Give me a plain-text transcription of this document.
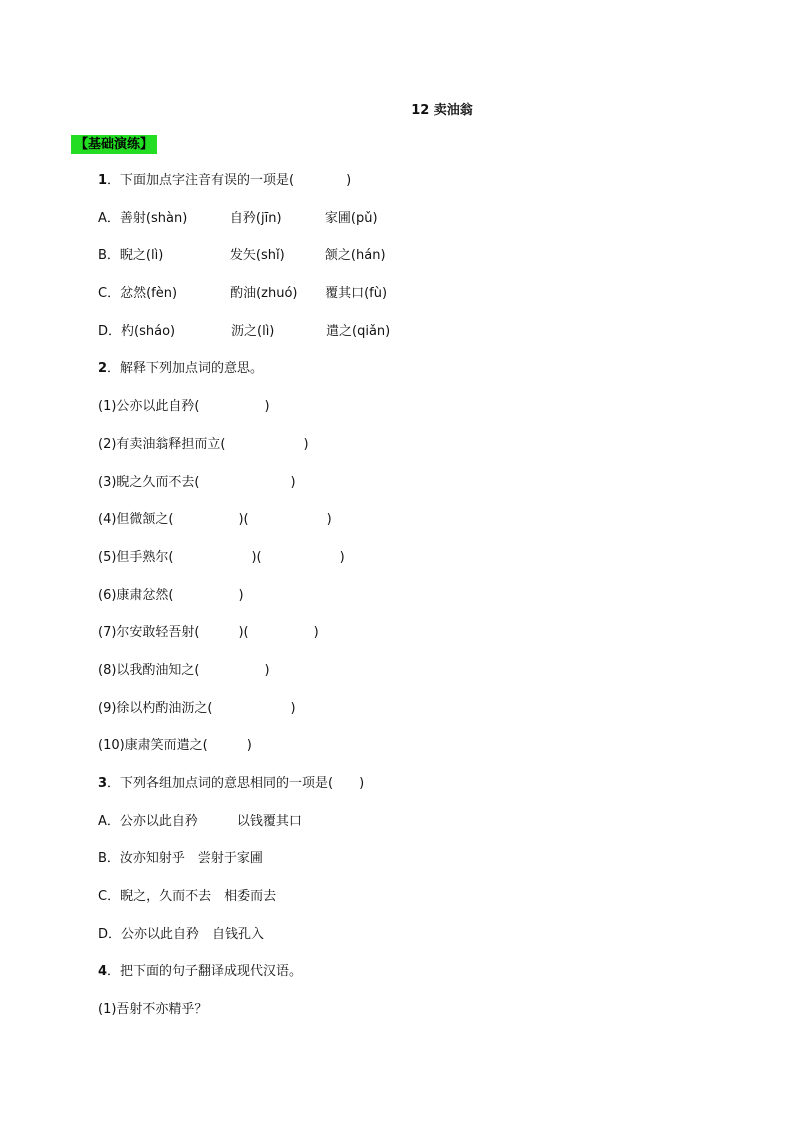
12 卖油翁
【基础演练】
1．下面加点字注音有误的一项是(　　　　)
A．善射(shàn)	自矜(jīn)	家圃(pǔ)
B．睨之(lì)	发矢(shǐ)	颔之(hán)
C．忿然(fèn)	酌油(zhuó) 覆其口(fù)
D．杓(sháo)	沥之(lì)	遣之(qiǎn)
2．解释下列加点词的意思。
(1)公亦以此自矜(　　　　　)
(2)有卖油翁释担而立(　　　　　　)
(3)睨之久而不去(　　　　　　　)
(4)但微颔之(　　　　　)(　　　　　　)
(5)但手熟尔(　　　　　　)(　　　　　　)
(6)康肃忿然(　　　　　)
(7)尔安敢轻吾射(　　　)(　　　　　)
(8)以我酌油知之(　　　　　)
(9)徐以杓酌油沥之(　　　　　　)
(10)康肃笑而遣之(　　　)
3．下列各组加点词的意思相同的一项是(　　)
A．公亦以此自矜　　　以钱覆其口
B．汝亦知射乎　尝射于家圃
C．睨之，久而不去　相委而去
D．公亦以此自矜　自钱孔入
4．把下面的句子翻译成现代汉语。
(1)吾射不亦精乎？
